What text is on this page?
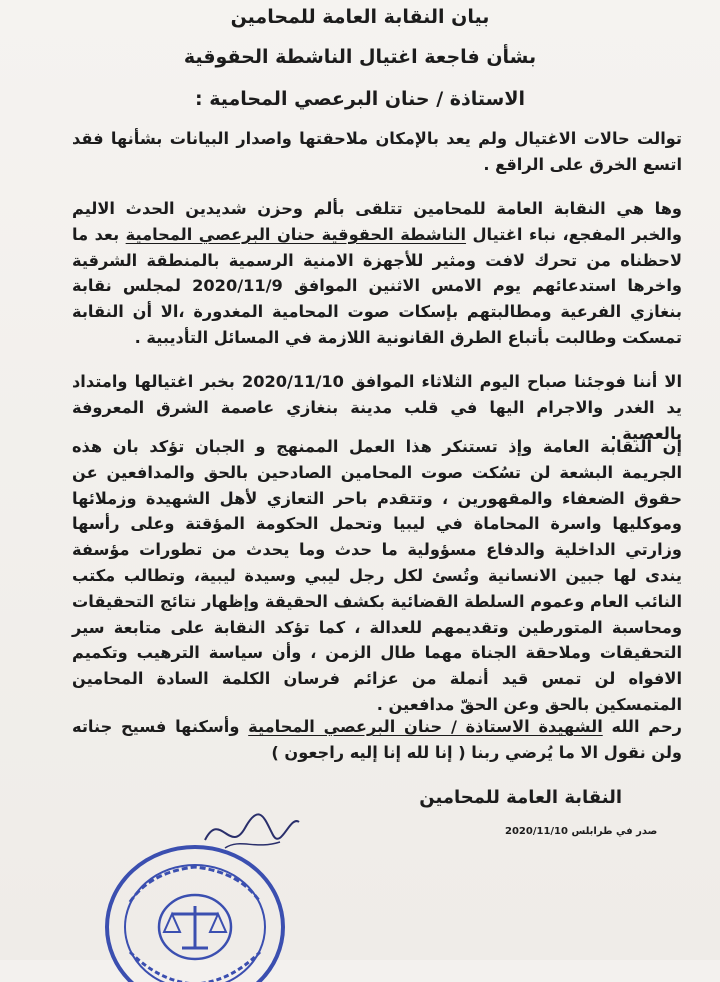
بيان النقابة العامة للمحامين
بشأن فاجعة اغتيال الناشطة الحقوقية
الاستاذة / حنان البرعصي المحامية :

توالت حالات الاغتيال ولم يعد بالإمكان ملاحقتها واصدار البيانات بشأنها فقد اتسع الخرق على الراقع .

وها هي النقابة العامة للمحامين تتلقى بألم وحزن شديدين الحدث الاليم والخبر المفجع، نباء اغتيال الناشطة الحقوقية حنان البرعصي المحامية بعد ما لاحظناه من تحرك لافت ومثير للأجهزة الامنية الرسمية بالمنطقة الشرقية واخرها استدعائهم يوم الامس الاثنين الموافق 2020/11/9 لمجلس نقابة بنغازي الفرعية ومطالبتهم بإسكات صوت المحامية المغدورة ،الا أن النقابة تمسكت وطالبت بأتباع الطرق القانونية اللازمة في المسائل التأديبية .

الا أننا فوجئنا صباح اليوم الثلاثاء الموافق 2020/11/10 بخبر اغتيالها وامتداد يد الغدر والاجرام اليها في قلب مدينة بنغازي عاصمة الشرق المعروفة بالعصية .

إن النقابة العامة وإذ تستنكر هذا العمل الممنهج و الجبان تؤكد بان هذه الجريمة البشعة لن تسُكت صوت المحامين الصادحين بالحق والمدافعين عن حقوق الضعفاء والمقهورين ، وتتقدم باحر التعازي لأهل الشهيدة وزملائها وموكليها واسرة المحاماة في ليبيا وتحمل الحكومة المؤقتة وعلى رأسها وزارتي الداخلية والدفاع مسؤولية ما حدث وما يحدث من تطورات مؤسفة يندى لها جبين الانسانية وتُسئ لكل رجل ليبي وسيدة ليبية، وتطالب مكتب النائب العام وعموم السلطة القضائية بكشف الحقيقة وإظهار نتائج التحقيقات ومحاسبة المتورطين وتقديمهم للعدالة ، كما تؤكد النقابة على متابعة سير التحقيقات وملاحقة الجناة مهما طال الزمن ، وأن سياسة الترهيب وتكميم الافواه لن تمس قيد أنملة من عزائم فرسان الكلمة السادة المحامين المتمسكين بالحق وعن الحقّ مدافعين .

رحم الله الشهيدة الاستاذة / حنان البرعصي المحامية وأسكنها فسيح جناته ولن نقول الا ما يُرضي ربنا ( إنا لله إنا إليه راجعون )

النقابة العامة للمحامين
صدر في طرابلس 2020/11/10
